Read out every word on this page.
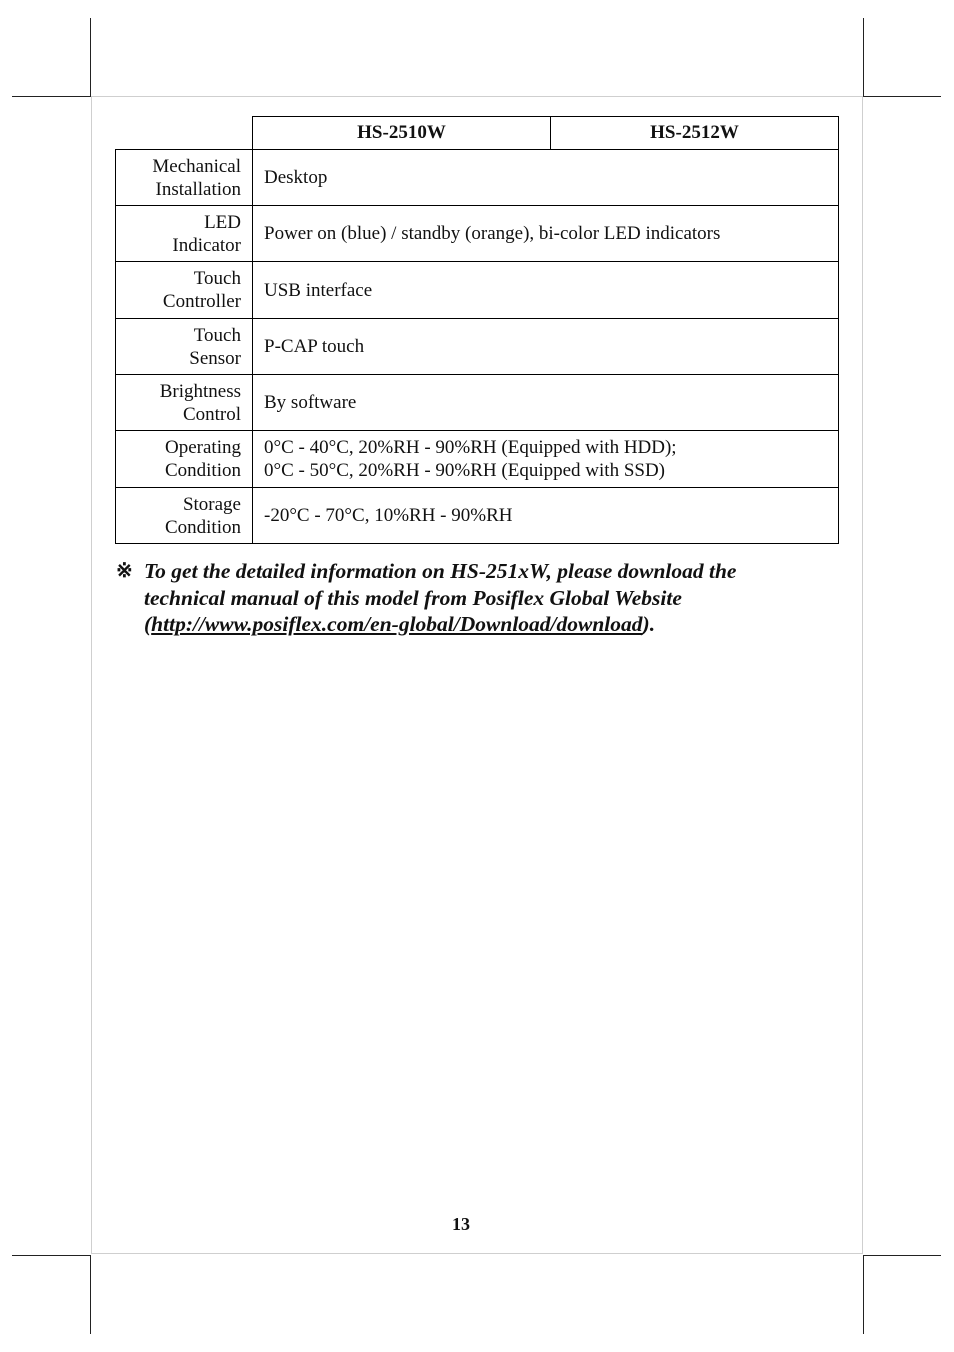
	HS-2510W	HS-2512W

Mechanical
Installation	Desktop	

LED
Indicator	Power on (blue) / standby (orange), bi-color LED indicators	

Touch
Controller	USB interface	

Touch
Sensor	P-CAP touch	

Brightness
Control	By software	

Operating
Condition	0°C - 40°C, 20%RH - 90%RH (Equipped with HDD);
0°C - 50°C, 20%RH - 90%RH (Equipped with SSD)	

Storage
Condition	-20°C - 70°C, 10%RH - 90%RH	
※ To get the detailed information on HS-251xW, please download the technical manual of this model from Posiflex Global Website (http://www.posiflex.com/en-global/Download/download).
13
